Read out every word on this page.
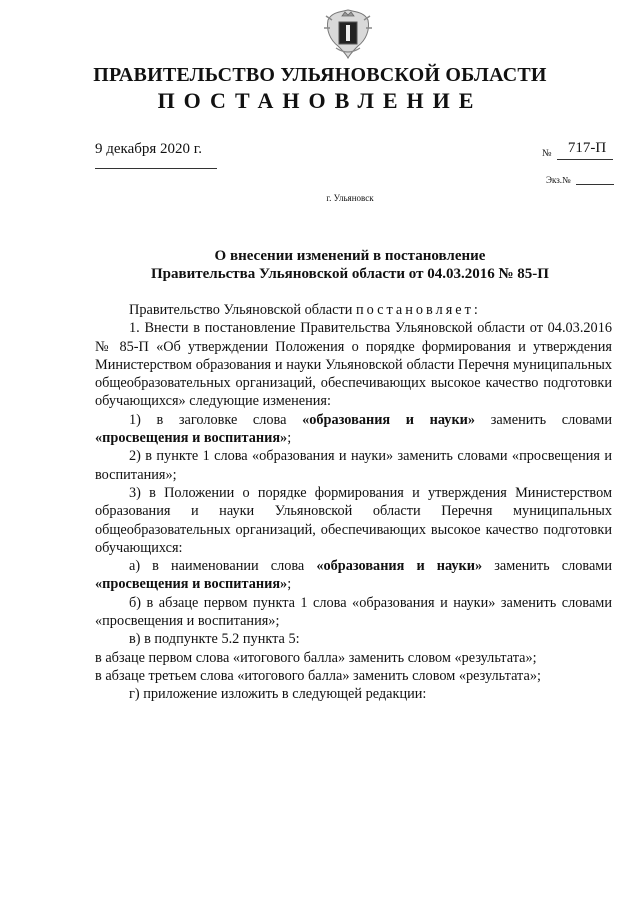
ПРАВИТЕЛЬСТВО УЛЬЯНОВСКОЙ ОБЛАСТИ
ПОСТАНОВЛЕНИЕ
9 декабря 2020 г.	№	717-П
Экз.№
г. Ульяновск
О внесении изменений в постановление
Правительства Ульяновской области от 04.03.2016 № 85-П

Правительство Ульяновской области постановляет:

1. Внести в постановление Правительства Ульяновской области от 04.03.2016 № 85-П «Об утверждении Положения о порядке формирования и утверждения Министерством образования и науки Ульяновской области Перечня муниципальных общеобразовательных организаций, обеспечивающих высокое качество подготовки обучающихся» следующие изменения:

1) в заголовке слова «образования и науки» заменить словами «просвещения и воспитания»;

2) в пункте 1 слова «образования и науки» заменить словами «просвещения и воспитания»;

3) в Положении о порядке формирования и утверждения Министерством образования и науки Ульяновской области Перечня муниципальных общеобразовательных организаций, обеспечивающих высокое качество подготовки обучающихся:

а) в наименовании слова «образования и науки» заменить словами «просвещения и воспитания»;

б) в абзаце первом пункта 1 слова «образования и науки» заменить словами «просвещения и воспитания»;

в) в подпункте 5.2 пункта 5:

в абзаце первом слова «итогового балла» заменить словом «результата»;

в абзаце третьем слова «итогового балла» заменить словом «результата»;

г) приложение изложить в следующей редакции:
